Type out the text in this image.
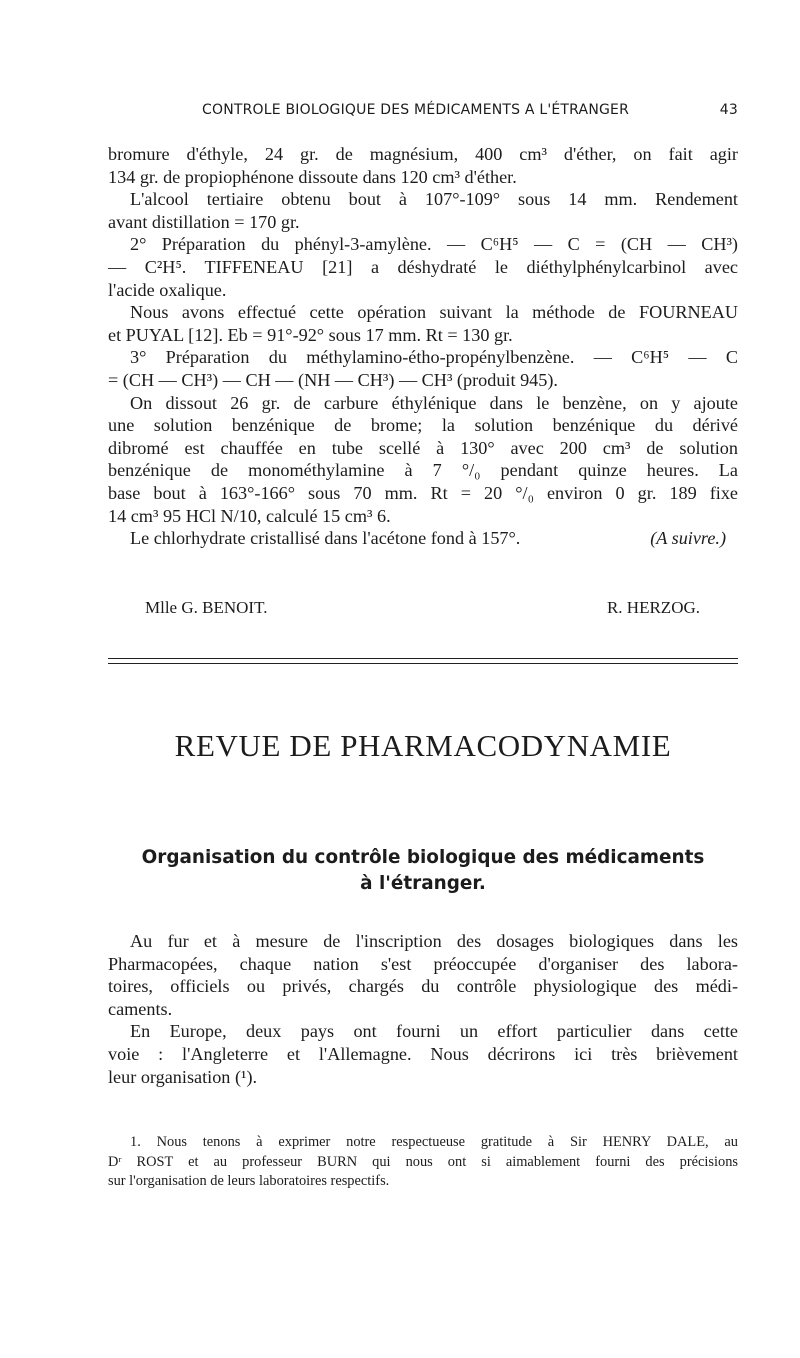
CONTROLE BIOLOGIQUE DES MÉDICAMENTS A L'ÉTRANGER	43
bromure d'éthyle, 24 gr. de magnésium, 400 cm³ d'éther, on fait agir
134 gr. de propiophénone dissoute dans 120 cm³ d'éther.
L'alcool tertiaire obtenu bout à 107°-109° sous 14 mm. Rendement
avant distillation = 170 gr.
2° Préparation du phényl-3-amylène. — C⁶H⁵ — C = (CH — CH³)
— C²H⁵. TIFFENEAU [21] a déshydraté le diéthylphénylcarbinol avec
l'acide oxalique.
Nous avons effectué cette opération suivant la méthode de FOURNEAU
et PUYAL [12]. Eb = 91°-92° sous 17 mm. Rt = 130 gr.
3° Préparation du méthylamino-étho-propénylbenzène. — C⁶H⁵ — C
= (CH — CH³) — CH — (NH — CH³) — CH³ (produit 945).
On dissout 26 gr. de carbure éthylénique dans le benzène, on y ajoute
une solution benzénique de brome; la solution benzénique du dérivé
dibromé est chauffée en tube scellé à 130° avec 200 cm³ de solution
benzénique de monométhylamine à 7 °/₀ pendant quinze heures. La
base bout à 163°-166° sous 70 mm. Rt = 20 °/₀ environ 0 gr. 189 fixe
14 cm³ 95 HCl N/10, calculé 15 cm³ 6.
Le chlorhydrate cristallisé dans l'acétone fond à 157°.	(A suivre.)
Mlle G. BENOIT.	R. HERZOG.
REVUE DE PHARMACODYNAMIE
Organisation du contrôle biologique des médicaments
à l'étranger.
Au fur et à mesure de l'inscription des dosages biologiques dans les
Pharmacopées, chaque nation s'est préoccupée d'organiser des labora-
toires, officiels ou privés, chargés du contrôle physiologique des médi-
caments.
En Europe, deux pays ont fourni un effort particulier dans cette
voie : l'Angleterre et l'Allemagne. Nous décrirons ici très brièvement
leur organisation (¹).
1. Nous tenons à exprimer notre respectueuse gratitude à Sir HENRY DALE, au
Dʳ ROST et au professeur BURN qui nous ont si aimablement fourni des précisions
sur l'organisation de leurs laboratoires respectifs.
